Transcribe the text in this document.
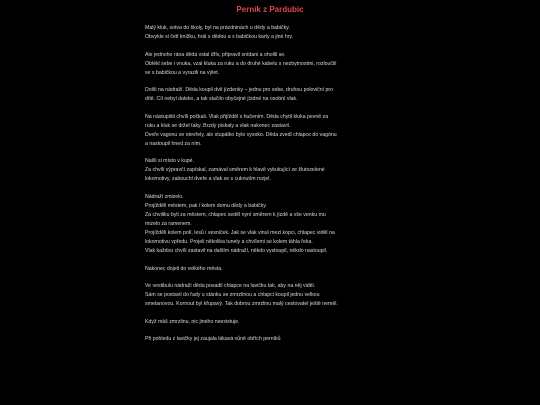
Perník z Pardubic

Malý kluk, sotva do školy, byl na prázdninách u dědy a babičky.
Obvykle si četl knížku, hrál s dědou a s babičkou karty a jiné hry.

Ale jednoho rána děda vstal dřív, připravil snídani a ohollil se.
Oblékl sebe i vnuka, vzal kluka za ruku a do druhé kabelu s nezbytnostmi, rozloučili
se s babičkou a vyrazili na výlet.

Došli na nádraží. Děda koupil dvě jízdenky – jednu pro sebe, druhou poloviční pro
dítě. Cíl nebyl daleko, a tak stačilo obyčejné jízdné na osobní vlak.

Na nástupišti chvíli počkali. Vlak přijížděl s hučením. Děda chytil kluka pevně za
ruku a kluk se držel taky. Brzdy pískaly a vlak nakonec zastavil.
Dveře vagonu se otevřely, ale stupátko bylo vysoko. Děda zvedl chlapce do vagónu
a nastoupil hned za ním.

Našli si místo v kupé.
Za chvíli výpravčí zapískal, zamával směrem k hlavě vykukující ze žlutozelené
lokomotivy, zabouchl dveře a vlak se s cuknutím rozjel.

Nádraží zmizelo.
Projížděli městem, pak i kolem domu dědy a babičky.
Za chviliku byli za městem, chlapec seděl nyní směrem k jízdě a vše venku mu
mizelo za ramenem.
Projížděli kolem polí, lesů i vesniček. Jak se vlak vinul mezi kopci, chlapec viděl na
lokomotivu vpředu. Projeli několika tunely a chvílemi se kolem táhla řeka.
Vlak každou chvíli zastavil na dalším nádraží, někdo vystoupil, někdo nastoupil.

Nakonec dojeli do velkého města.

Ve vestibulu nádraží děda posadil chlapce na lavičku tak, aby na něj viděl.
Sám se postavil do řady u stánku se zmrzlinou a chlapci koupil jednu velkou
smetanovou. Kornout byl křupavý. Tak dobrou zmrzlinu malý cestovatel ještě neměl.

Když máš zmrzlinu, nic jiného neexistuje.

Při pohledu z lavičky jej zaujala lákavá vůně obřích perníků
